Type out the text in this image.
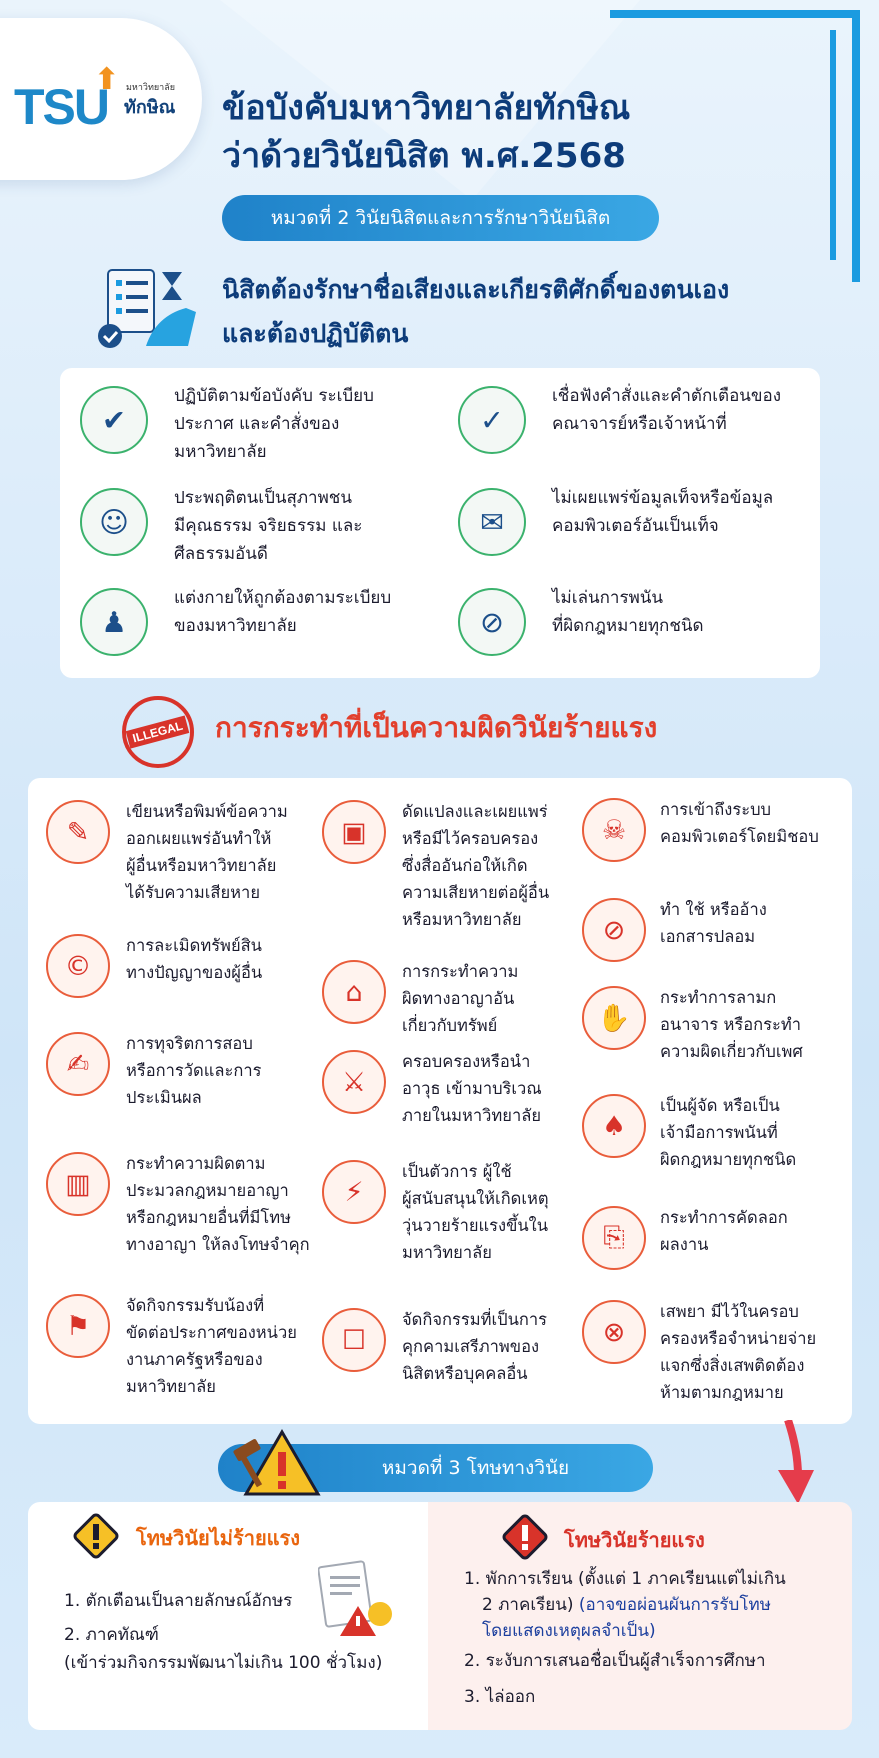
TSU
⬆ มหาวิทยาลัย
ทักษิณ ข้อบังคับมหาวิทยาลัยทักษิณ
ว่าด้วยวินัยนิสิต พ.ศ.2568
หมวดที่ 2 วินัยนิสิตและการรักษาวินัยนิสิต
นิสิตต้องรักษาชื่อเสียงและเกียรติศักดิ์ของตนเอง
และต้องปฏิบัติตน
✔
ปฏิบัติตามข้อบังคับ ระเบียบ
ประกาศ และคำสั่งของ
มหาวิทยาลัย
✓
เชื่อฟังคำสั่งและคำตักเตือนของ
คณาจารย์หรือเจ้าหน้าที่
☺
ประพฤติตนเป็นสุภาพชน
มีคุณธรรม จริยธรรม และ
ศีลธรรมอันดี
✉
ไม่เผยแพร่ข้อมูลเท็จหรือข้อมูล
คอมพิวเตอร์อันเป็นเท็จ
♟
แต่งกายให้ถูกต้องตามระเบียบ
ของมหาวิทยาลัย	⊘
ไม่เล่นการพนัน
ที่ผิดกฎหมายทุกชนิด
ILLEGAL การกระทำที่เป็นความผิดวินัยร้ายแรง
✎
เขียนหรือพิมพ์ข้อความ
ออกเผยแพร่อันทำให้
ผู้อื่นหรือมหาวิทยาลัย
ได้รับความเสียหาย
©
การละเมิดทรัพย์สิน
ทางปัญญาของผู้อื่น
✍
การทุจริตการสอบ
หรือการวัดและการ
ประเมินผล
▥
กระทำความผิดตาม
ประมวลกฎหมายอาญา
หรือกฎหมายอื่นที่มีโทษ
ทางอาญา ให้ลงโทษจำคุก
⚑
จัดกิจกรรมรับน้องที่
ขัดต่อประกาศของหน่วย
งานภาครัฐหรือของ
มหาวิทยาลัย
▣
ดัดแปลงและเผยแพร่
หรือมีไว้ครอบครอง
ซึ่งสื่ออันก่อให้เกิด
ความเสียหายต่อผู้อื่น
หรือมหาวิทยาลัย
⌂
การกระทำความ
ผิดทางอาญาอัน
เกี่ยวกับทรัพย์
⚔
ครอบครองหรือนำ
อาวุธ เข้ามาบริเวณ
ภายในมหาวิทยาลัย
⚡
เป็นตัวการ ผู้ใช้
ผู้สนับสนุนให้เกิดเหตุ
วุ่นวายร้ายแรงขึ้นใน
มหาวิทยาลัย
☐
จัดกิจกรรมที่เป็นการ
คุกคามเสรีภาพของ
นิสิตหรือบุคคลอื่น
☠
การเข้าถึงระบบ
คอมพิวเตอร์โดยมิชอบ
⊘
ทำ ใช้ หรืออ้าง
เอกสารปลอม
✋
กระทำการลามก
อนาจาร หรือกระทำ
ความผิดเกี่ยวกับเพศ
♠
เป็นผู้จัด หรือเป็น
เจ้ามือการพนันที่
ผิดกฎหมายทุกชนิด
⎘
กระทำการคัดลอก
ผลงาน
⊗
เสพยา มีไว้ในครอบ
ครองหรือจำหน่ายจ่าย
แจกซึ่งสิ่งเสพติดต้อง
ห้ามตามกฎหมาย
หมวดที่ 3 โทษทางวินัย
โทษวินัยไม่ร้ายแรง
1. ตักเตือนเป็นลายลักษณ์อักษร
2. ภาคทัณฑ์
(เข้าร่วมกิจกรรมพัฒนาไม่เกิน 100 ชั่วโมง)
โทษวินัยร้ายแรง
1. พักการเรียน (ตั้งแต่ 1 ภาคเรียนแต่ไม่เกิน
2 ภาคเรียน) (อาจขอผ่อนผันการรับโทษ
โดยแสดงเหตุผลจำเป็น)
2. ระงับการเสนอชื่อเป็นผู้สำเร็จการศึกษา
3. ไล่ออก
